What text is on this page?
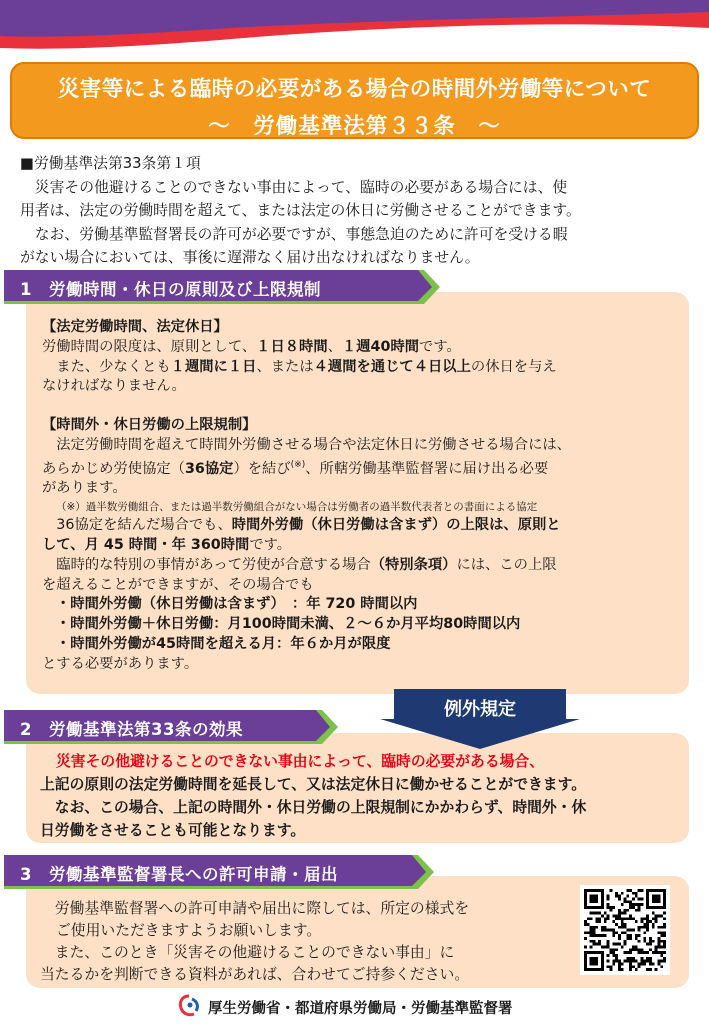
災害等による臨時の必要がある場合の時間外労働等について
〜　労働基準法第３３条　〜

■労働基準法第33条第１項

　災害その他避けることのできない事由によって、臨時の必要がある場合には、使

用者は、法定の労働時間を超えて、または法定の休日に労働させることができます。

　なお、労働基準監督署長の許可が必要ですが、事態急迫のために許可を受ける暇

がない場合においては、事後に遅滞なく届け出なければなりません。

1　労働時間・休日の原則及び上限規制

【法定労働時間、法定休日】

労働時間の限度は、原則として、１日８時間、１週40時間です。

　また、少なくとも１週間に１日、または４週間を通じて４日以上の休日を与え

なければなりません。

【時間外・休日労働の上限規制】

　法定労働時間を超えて時間外労働させる場合や法定休日に労働させる場合には、

あらかじめ労使協定（36協定）を結び(※)、所轄労働基準監督署に届け出る必要

があります。

（※）過半数労働組合、または過半数労働組合がない場合は労働者の過半数代表者との書面による協定

　36協定を結んだ場合でも、時間外労働（休日労働は含まず）の上限は、原則と

して、月 45 時間・年 360時間です。

　臨時的な特別の事情があって労使が合意する場合（特別条項）には、この上限

を超えることができますが、その場合でも

・時間外労働（休日労働は含まず）　：年 720 時間以内

・時間外労働＋休日労働：月100時間未満、２〜６か月平均80時間以内

・時間外労働が45時間を超える月：年６か月が限度

とする必要があります。

2　労働基準法第33条の効果
例外規定

災害その他避けることのできない事由によって、臨時の必要がある場合、

上記の原則の法定労働時間を延長して、又は法定休日に働かせることができます。

　なお、この場合、上記の時間外・休日労働の上限規制にかかわらず、時間外・休

日労働をさせることも可能となります。

3　労働基準監督署長への許可申請・届出

　労働基準監督署への許可申請や届出に際しては、所定の様式を

ご使用いただきますようお願いします。

　また、このとき「災害その他避けることのできない事由」に

当たるかを判断できる資料があれば、合わせてご持参ください。

厚生労働省・都道府県労働局・労働基準監督署
